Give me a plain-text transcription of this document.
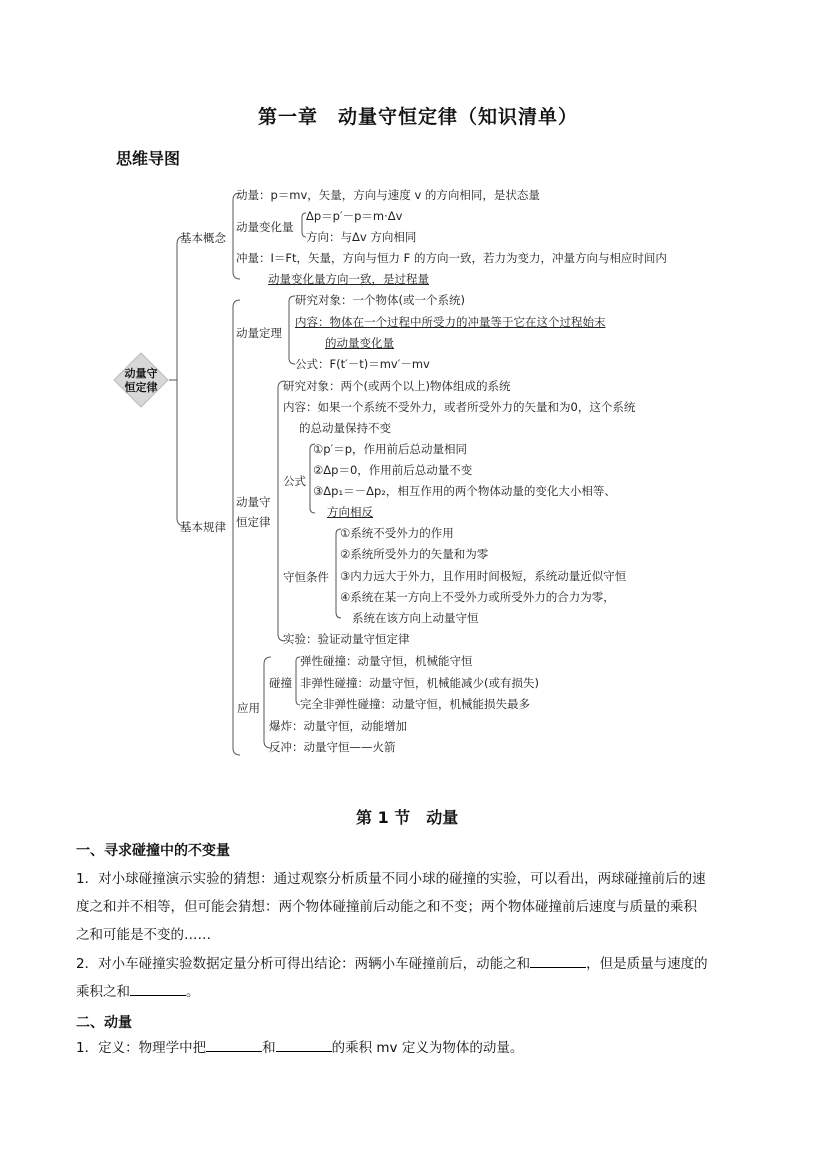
第一章　动量守恒定律（知识清单）
思维导图
动量守
恒定律
基本概念
动量：p＝mv，矢量，方向与速度 v 的方向相同，是状态量
动量变化量
Δp＝p′－p＝m·Δv
方向：与Δv 方向相同
冲量：I＝Ft，矢量，方向与恒力 F 的方向一致，若力为变力，冲量方向与相应时间内
动量变化量方向一致，是过程量
基本规律
动量定理
研究对象：一个物体(或一个系统)
内容：物体在一个过程中所受力的冲量等于它在这个过程始末
的动量变化量
公式：F(t′－t)＝mv′－mv
动量守
恒定律
研究对象：两个(或两个以上)物体组成的系统
内容：如果一个系统不受外力，或者所受外力的矢量和为0，这个系统
的总动量保持不变
公式
①p′＝p，作用前后总动量相同
②Δp＝0，作用前后总动量不变
③Δp₁＝－Δp₂，相互作用的两个物体动量的变化大小相等、
方向相反
守恒条件
①系统不受外力的作用
②系统所受外力的矢量和为零
③内力远大于外力，且作用时间极短，系统动量近似守恒
④系统在某一方向上不受外力或所受外力的合力为零，
系统在该方向上动量守恒
实验：验证动量守恒定律
应用
碰撞
弹性碰撞：动量守恒，机械能守恒
非弹性碰撞：动量守恒，机械能减少(或有损失)
完全非弹性碰撞：动量守恒，机械能损失最多
爆炸：动量守恒，动能增加
反冲：动量守恒——火箭
第 1 节　动量
一、寻求碰撞中的不变量
1．对小球碰撞演示实验的猜想：通过观察分析质量不同小球的碰撞的实验，可以看出，两球碰撞前后的速
度之和并不相等，但可能会猜想：两个物体碰撞前后动能之和不变；两个物体碰撞前后速度与质量的乘积
之和可能是不变的……
2．对小车碰撞实验数据定量分析可得出结论：两辆小车碰撞前后，动能之和	，但是质量与速度的
乘积之和	。
二、动量
1．定义：物理学中把	和	的乘积 mv 定义为物体的动量。
